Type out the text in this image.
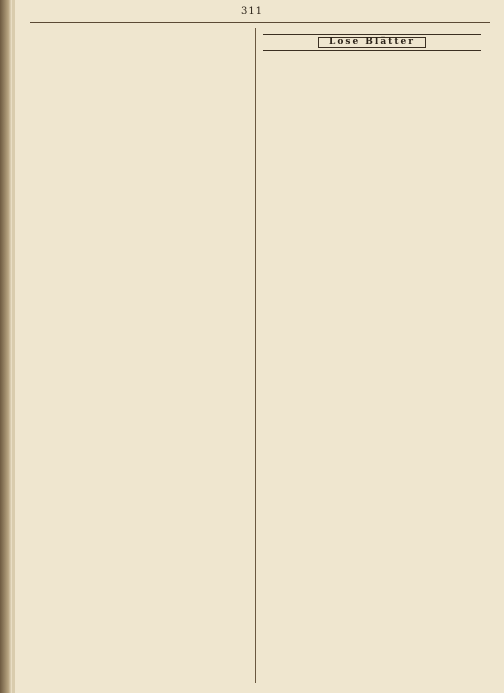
311

Lose Blätter
